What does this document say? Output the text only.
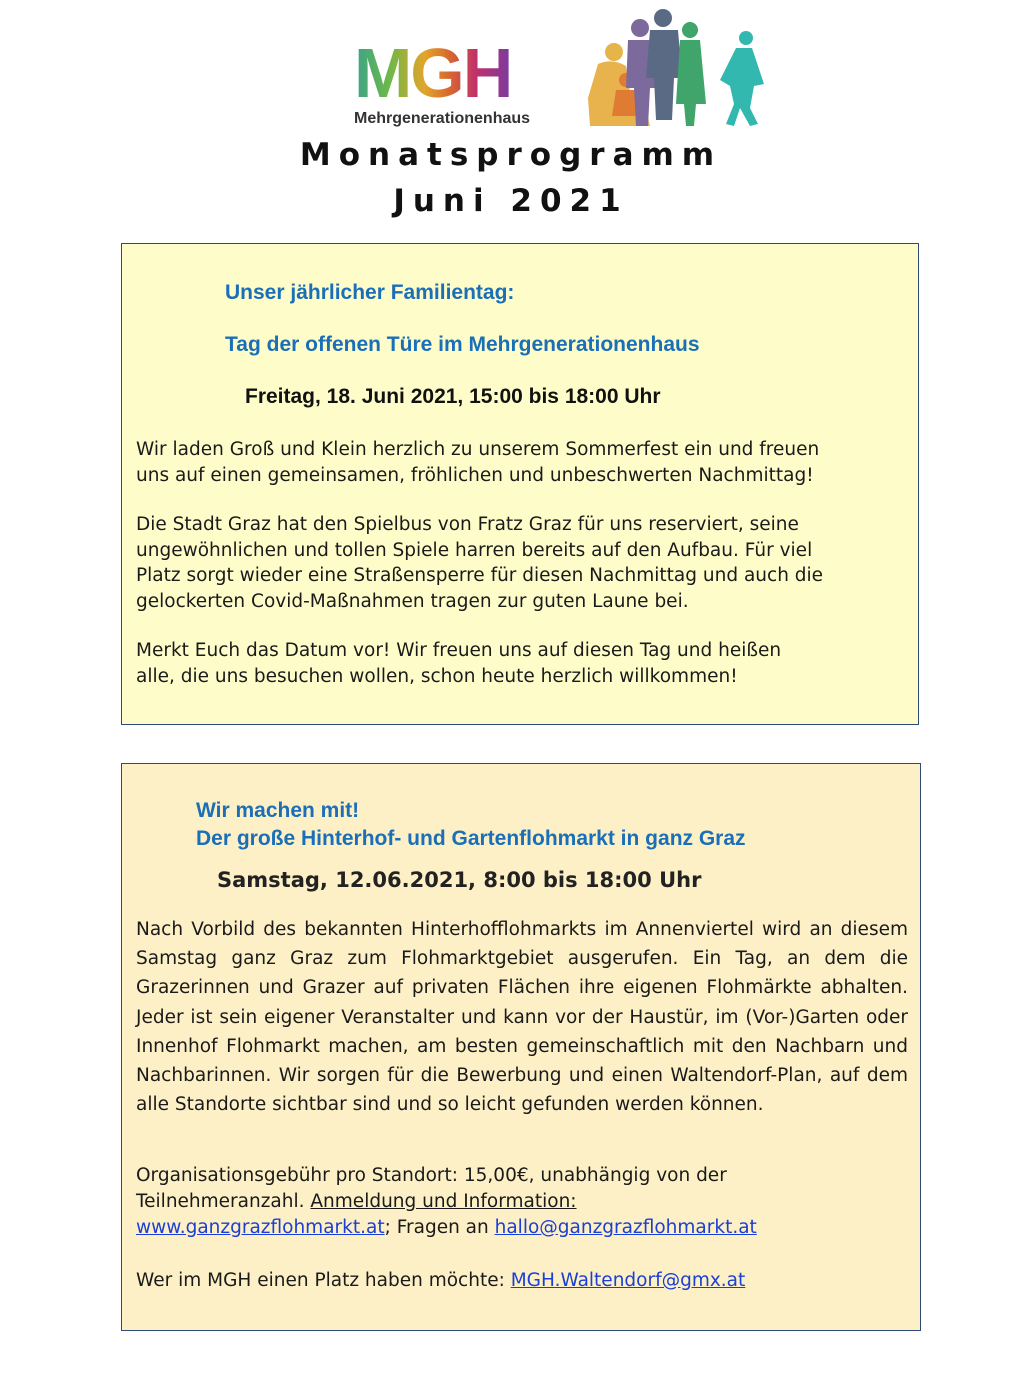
MGH
Mehrgenerationenhaus
Monatsprogramm
Juni 2021
Unser jährlicher Familientag:
Tag der offenen Türe im Mehrgenerationenhaus
Freitag, 18. Juni 2021, 15:00 bis 18:00 Uhr
Wir laden Groß und Klein herzlich zu unserem Sommerfest ein und freuen
uns auf einen gemeinsamen, fröhlichen und unbeschwerten Nachmittag!
Die Stadt Graz hat den Spielbus von Fratz Graz für uns reserviert, seine
ungewöhnlichen und tollen Spiele harren bereits auf den Aufbau. Für viel
Platz sorgt wieder eine Straßensperre für diesen Nachmittag und auch die
gelockerten Covid-Maßnahmen tragen zur guten Laune bei.
Merkt Euch das Datum vor! Wir freuen uns auf diesen Tag und heißen
alle, die uns besuchen wollen, schon heute herzlich willkommen!
Wir machen mit!
Der große Hinterhof- und Gartenflohmarkt in ganz Graz
Samstag, 12.06.2021, 8:00 bis 18:00 Uhr
Nach Vorbild des bekannten Hinterhofflohmarkts im Annenviertel wird an diesem Samstag ganz Graz zum Flohmarktgebiet ausgerufen. Ein Tag, an dem die Grazerinnen und Grazer auf privaten Flächen ihre eigenen Flohmärkte abhalten. Jeder ist sein eigener Veranstalter und kann vor der Haustür, im (Vor-)Garten oder Innenhof Flohmarkt machen, am besten gemeinschaftlich mit den Nachbarn und Nachbarinnen. Wir sorgen für die Bewerbung und einen Waltendorf-Plan, auf dem alle Standorte sichtbar sind und so leicht gefunden werden können.
Organisationsgebühr pro Standort: 15,00€, unabhängig von der
Teilnehmeranzahl. Anmeldung und Information:
www.ganzgrazflohmarkt.at; Fragen an hallo@ganzgrazflohmarkt.at
Wer im MGH einen Platz haben möchte: MGH.Waltendorf@gmx.at
